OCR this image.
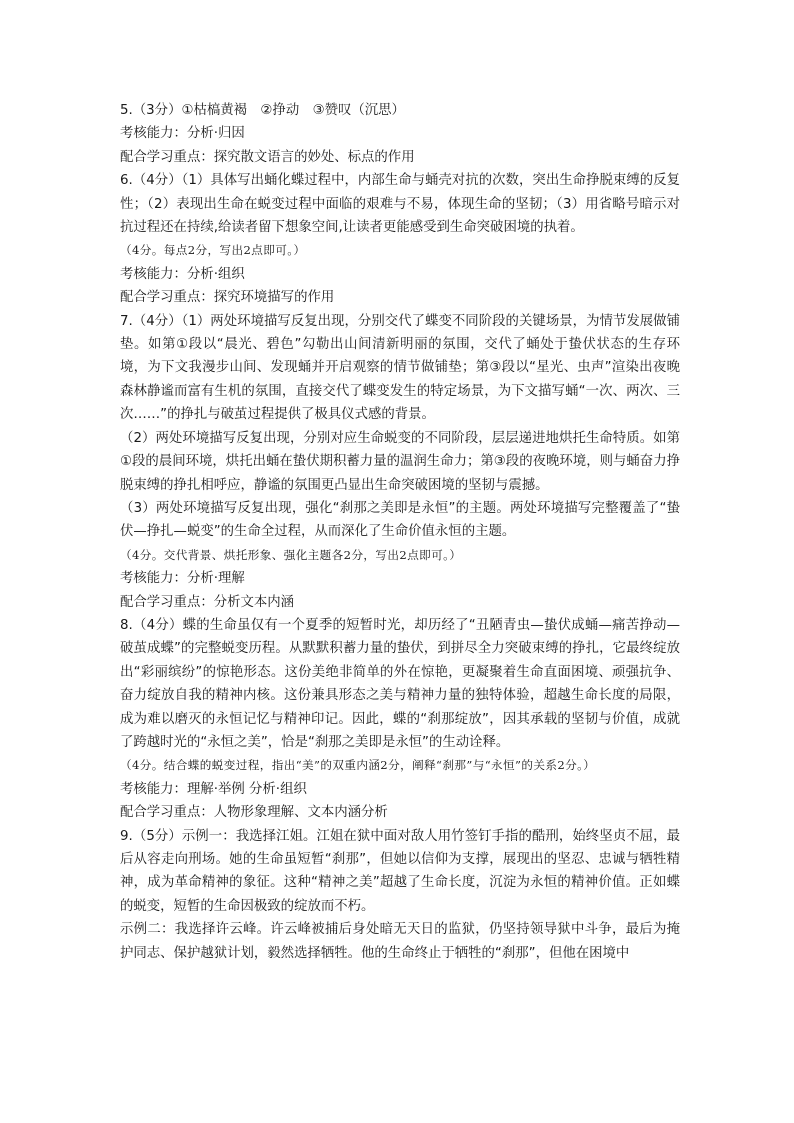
5.（3分）①枯槁黄褐　②挣动　③赞叹（沉思）

考核能力：分析·归因

配合学习重点：探究散文语言的妙处、标点的作用

6.（4分）（1）具体写出蛹化蝶过程中，内部生命与蛹壳对抗的次数，突出生命挣脱束缚的反复性；（2）表现出生命在蜕变过程中面临的艰难与不易，体现生命的坚韧；（3）用省略号暗示对抗过程还在持续,给读者留下想象空间,让读者更能感受到生命突破困境的执着。

（4分。每点2分，写出2点即可。）

考核能力：分析·组织

配合学习重点：探究环境描写的作用

7.（4分）（1）两处环境描写反复出现，分别交代了蝶变不同阶段的关键场景，为情节发展做铺垫。如第①段以“晨光、碧色”勾勒出山间清新明丽的氛围，交代了蛹处于蛰伏状态的生存环境，为下文我漫步山间、发现蛹并开启观察的情节做铺垫；第③段以“星光、虫声”渲染出夜晚森林静谧而富有生机的氛围，直接交代了蝶变发生的特定场景，为下文描写蛹“一次、两次、三次……”的挣扎与破茧过程提供了极具仪式感的背景。

（2）两处环境描写反复出现，分别对应生命蜕变的不同阶段，层层递进地烘托生命特质。如第①段的晨间环境，烘托出蛹在蛰伏期积蓄力量的温润生命力；第③段的夜晚环境，则与蛹奋力挣脱束缚的挣扎相呼应，静谧的氛围更凸显出生命突破困境的坚韧与震撼。

（3）两处环境描写反复出现，强化“刹那之美即是永恒”的主题。两处环境描写完整覆盖了“蛰伏—挣扎—蜕变”的生命全过程，从而深化了生命价值永恒的主题。

（4分。交代背景、烘托形象、强化主题各2分，写出2点即可。）

考核能力：分析·理解

配合学习重点：分析文本内涵

8.（4分）蝶的生命虽仅有一个夏季的短暂时光，却历经了“丑陋青虫—蛰伏成蛹—痛苦挣动—破茧成蝶”的完整蜕变历程。从默默积蓄力量的蛰伏，到拼尽全力突破束缚的挣扎，它最终绽放出“彩丽缤纷”的惊艳形态。这份美绝非简单的外在惊艳，更凝聚着生命直面困境、顽强抗争、奋力绽放自我的精神内核。这份兼具形态之美与精神力量的独特体验，超越生命长度的局限，成为难以磨灭的永恒记忆与精神印记。因此，蝶的“刹那绽放”，因其承载的坚韧与价值，成就了跨越时光的“永恒之美”，恰是“刹那之美即是永恒”的生动诠释。

（4分。结合蝶的蜕变过程，指出“美”的双重内涵2分，阐释“刹那”与“永恒”的关系2分。）

考核能力：理解·举例 分析·组织

配合学习重点：人物形象理解、文本内涵分析

9.（5分）示例一：我选择江姐。江姐在狱中面对敌人用竹签钉手指的酷刑，始终坚贞不屈，最后从容走向刑场。她的生命虽短暂“刹那”，但她以信仰为支撑，展现出的坚忍、忠诚与牺牲精神，成为革命精神的象征。这种“精神之美”超越了生命长度，沉淀为永恒的精神价值。正如蝶的蜕变，短暂的生命因极致的绽放而不朽。

示例二：我选择许云峰。许云峰被捕后身处暗无天日的监狱，仍坚持领导狱中斗争，最后为掩护同志、保护越狱计划，毅然选择牺牲。他的生命终止于牺牲的“刹那”，但他在困境中
